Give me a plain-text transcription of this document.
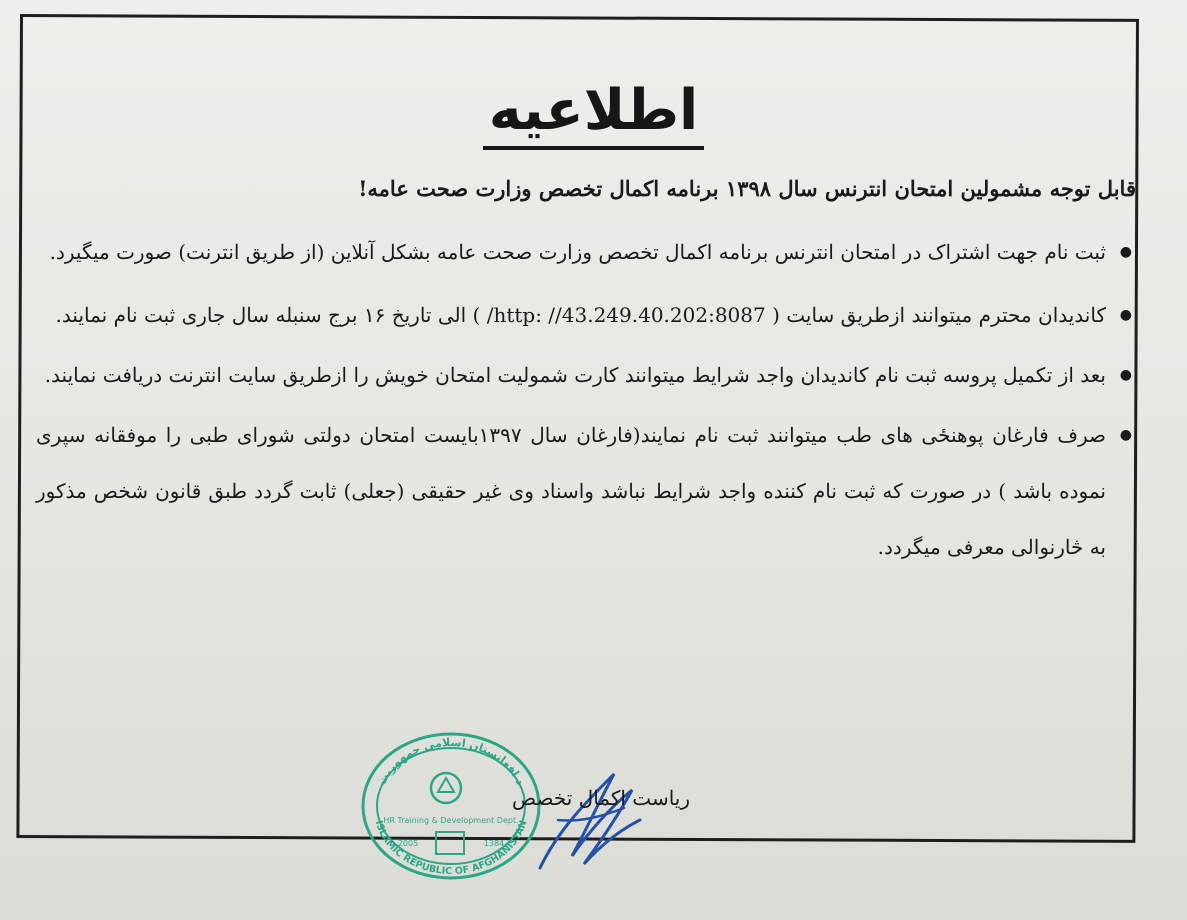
اطلاعیه

قابل توجه مشمولین امتحان انترنس سال ۱۳۹۸ برنامه اکمال تخصص وزارت صحت عامه!

● ثبت نام جهت اشتراک در امتحان انترنس برنامه اکمال تخصص وزارت صحت عامه بشکل آنلاین (از طریق انترنت) صورت میگیرد.

● کاندیدان محترم میتوانند ازطریق سایت ( http: //43.249.40.202:8087/ ) الی تاریخ ۱۶ برج سنبله سال جاری ثبت نام نمایند.

● بعد از تکمیل پروسه ثبت نام کاندیدان واجد شرایط میتوانند کارت شمولیت امتحان خویش را ازطریق سایت انترنت دریافت نمایند.

● صرف فارغان پوهنځی های طب میتوانند ثبت نام نمایند(فارغان سال ۱۳۹۷بایست امتحان دولتی شورای طبی را موفقانه سپری نموده باشد ) در صورت که ثبت نام کننده واجد شرایط نباشد واسناد وی غیر حقیقی (جعلی) ثابت گردد طبق قانون شخص مذکور به څارنوالی معرفی میگردد.

د افغانستان اسلامی جمهوریت
ISLAMIC REPUBLIC OF AFGHANISTAN
HR Training & Development Dept.
2005	1384
ریاست اکمال تخصص
